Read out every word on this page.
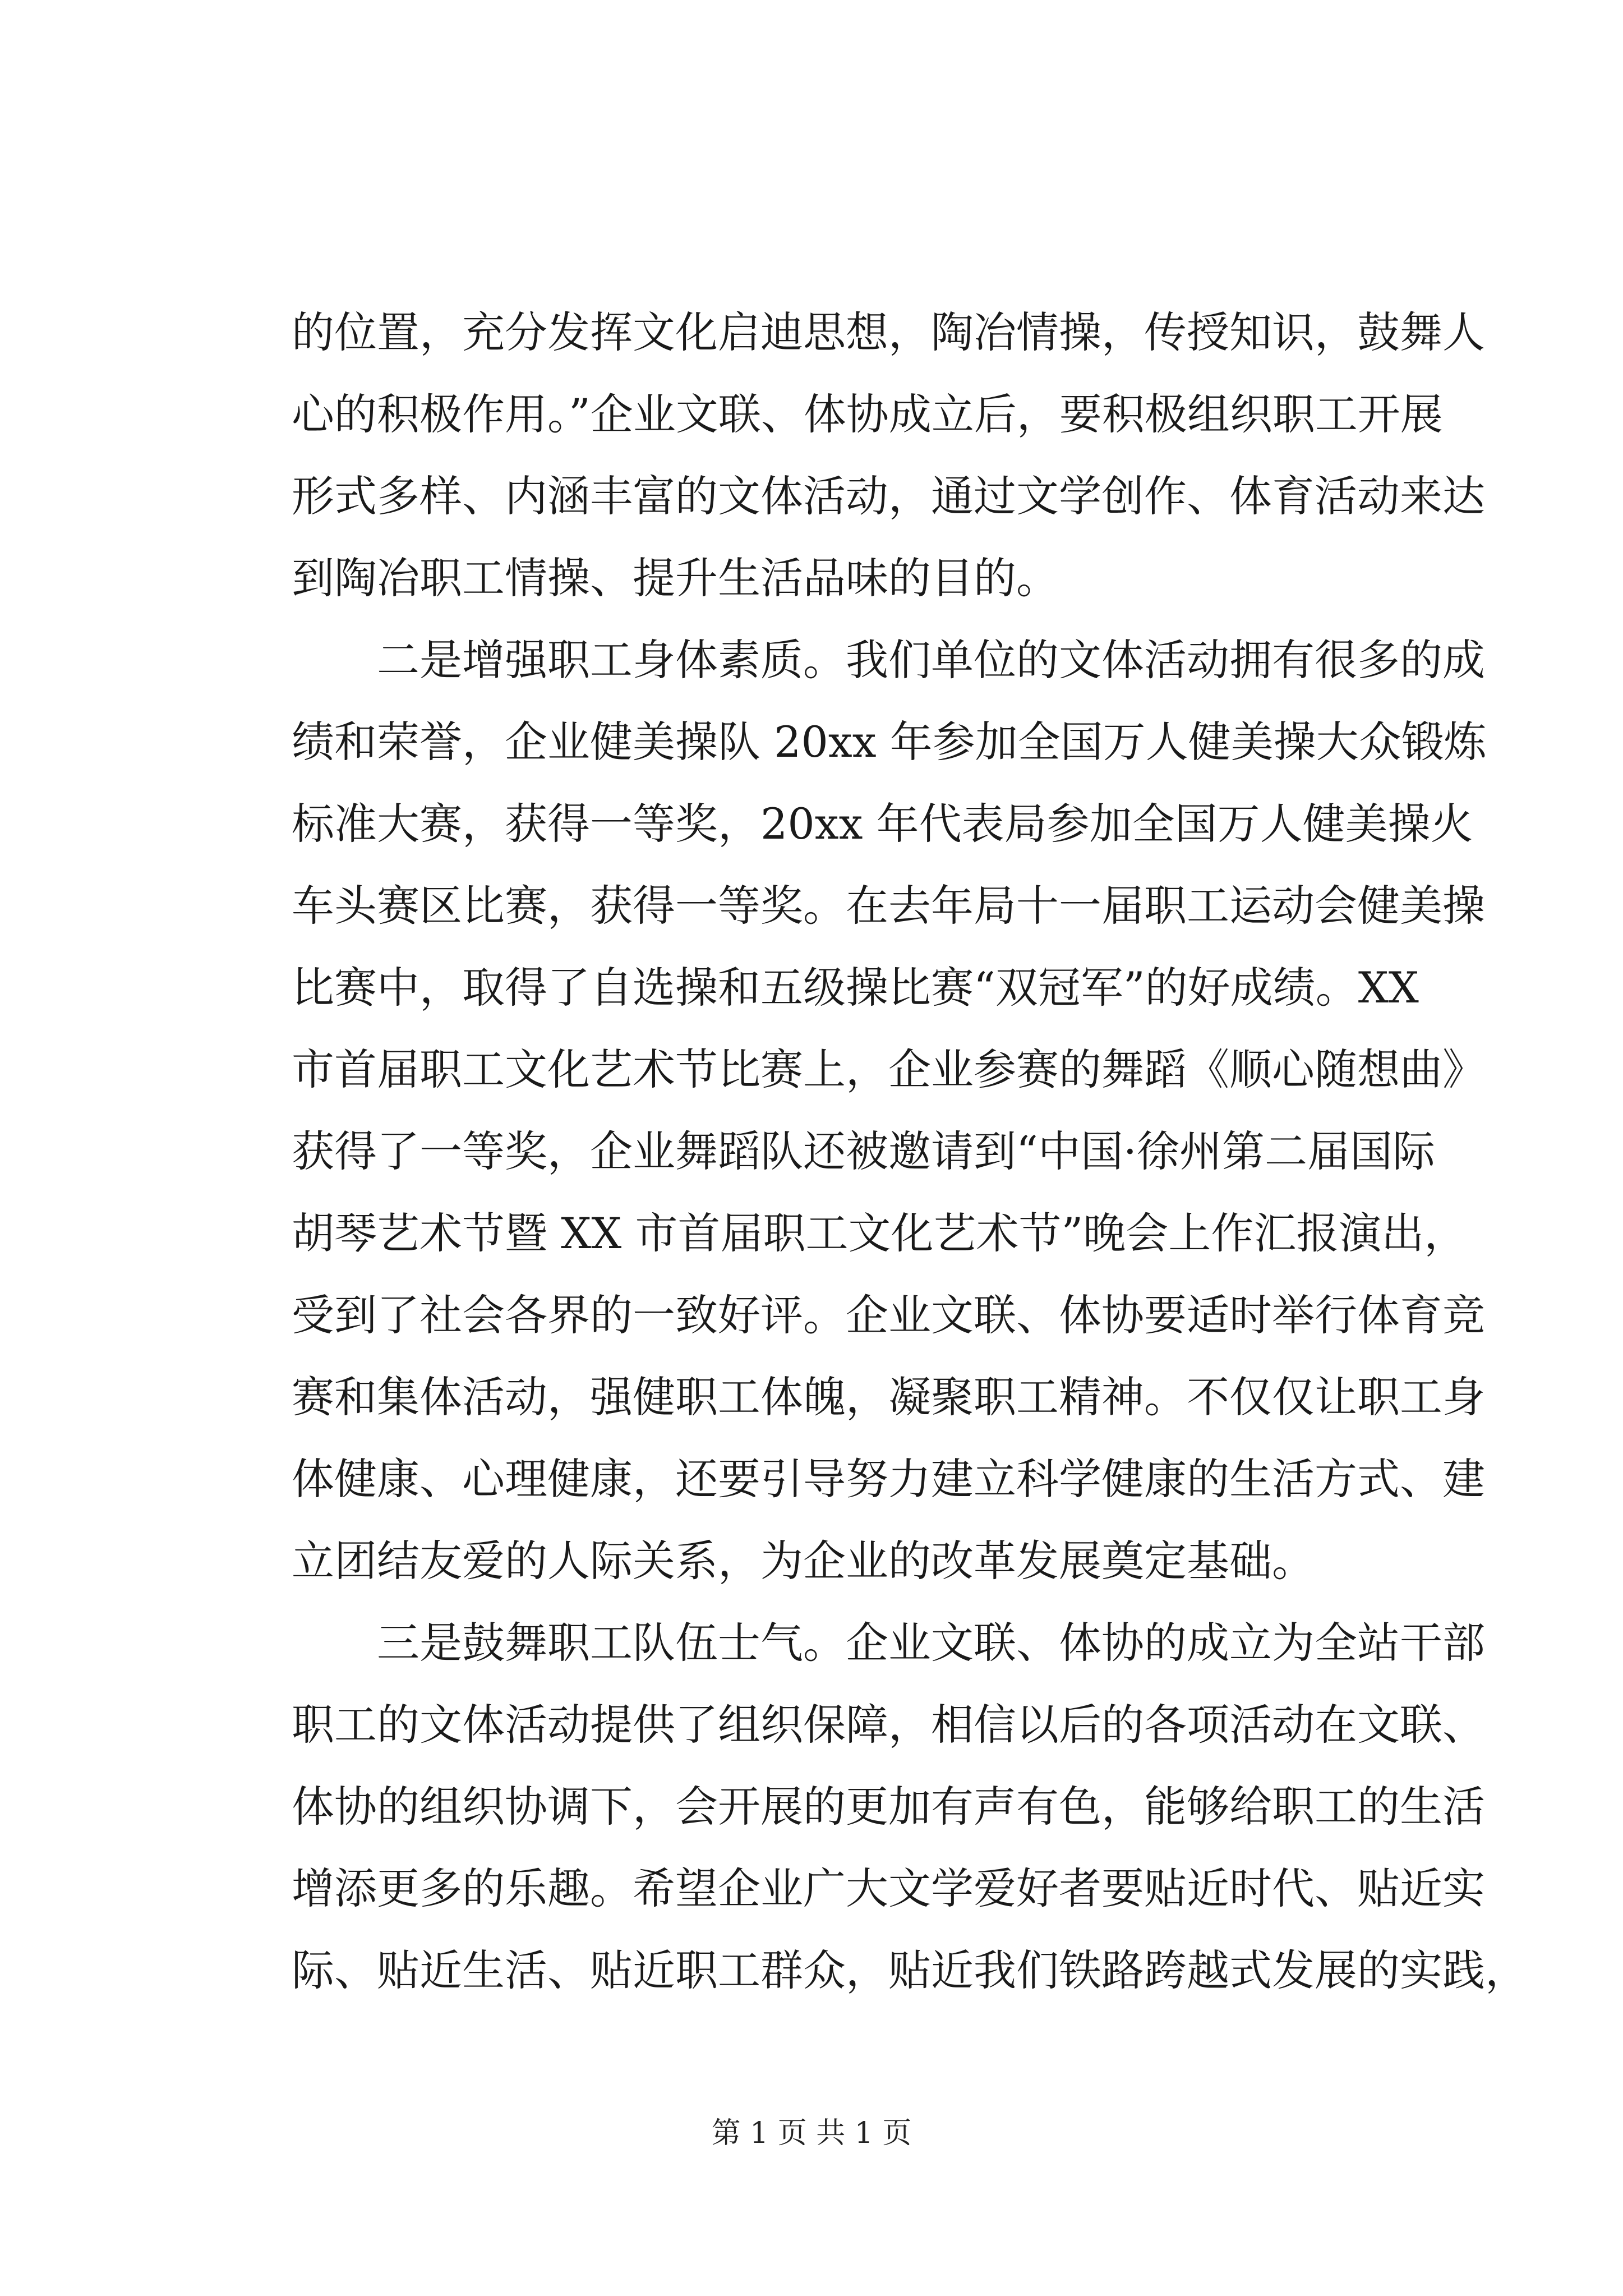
的位置，充分发挥文化启迪思想，陶冶情操，传授知识，鼓舞人
心的积极作用。”企业文联、体协成立后，要积极组织职工开展
形式多样、内涵丰富的文体活动，通过文学创作、体育活动来达
到陶冶职工情操、提升生活品味的目的。
二是增强职工身体素质。我们单位的文体活动拥有很多的成
绩和荣誉，企业健美操队 20xx 年参加全国万人健美操大众锻炼
标准大赛，获得一等奖，20xx 年代表局参加全国万人健美操火
车头赛区比赛，获得一等奖。在去年局十一届职工运动会健美操
比赛中，取得了自选操和五级操比赛“双冠军”的好成绩。XX
市首届职工文化艺术节比赛上，企业参赛的舞蹈《顺心随想曲》
获得了一等奖，企业舞蹈队还被邀请到“中国·徐州第二届国际
胡琴艺术节暨 XX 市首届职工文化艺术节”晚会上作汇报演出，
受到了社会各界的一致好评。企业文联、体协要适时举行体育竞
赛和集体活动，强健职工体魄，凝聚职工精神。不仅仅让职工身
体健康、心理健康，还要引导努力建立科学健康的生活方式、建
立团结友爱的人际关系，为企业的改革发展奠定基础。
三是鼓舞职工队伍士气。企业文联、体协的成立为全站干部
职工的文体活动提供了组织保障，相信以后的各项活动在文联、
体协的组织协调下，会开展的更加有声有色，能够给职工的生活
增添更多的乐趣。希望企业广大文学爱好者要贴近时代、贴近实
际、贴近生活、贴近职工群众，贴近我们铁路跨越式发展的实践，
第 1 页 共 1 页
